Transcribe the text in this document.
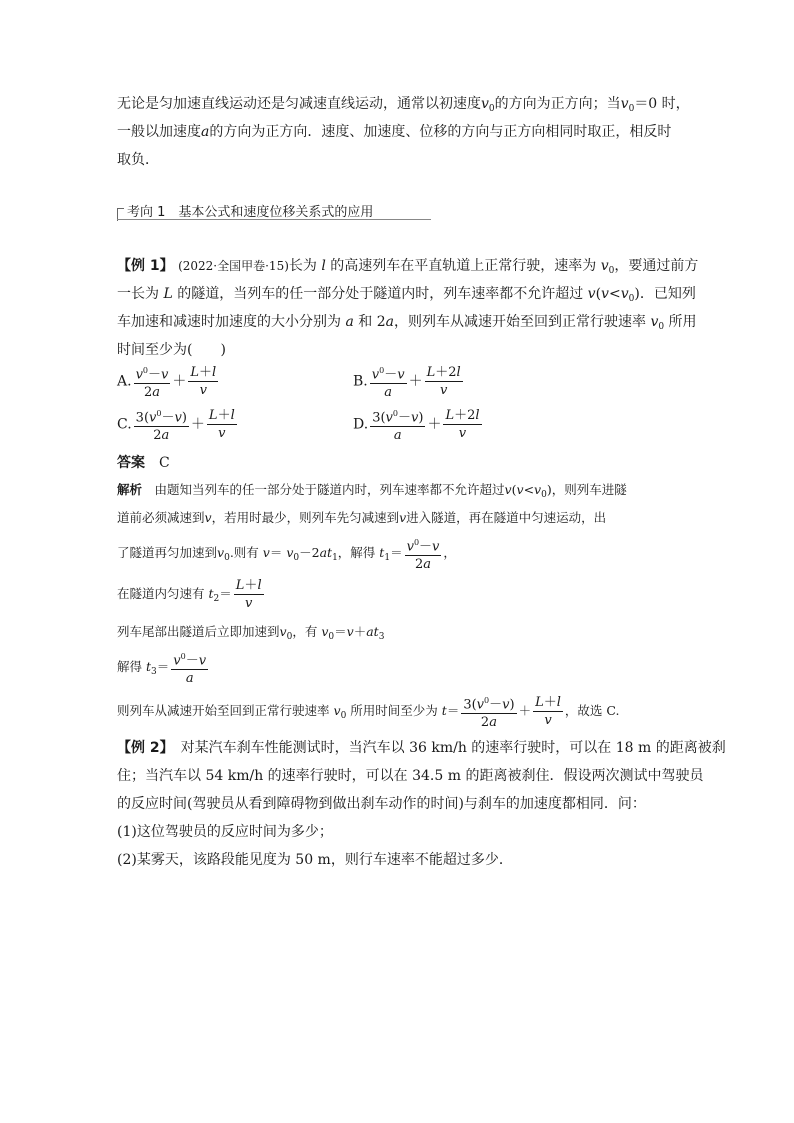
无论是匀加速直线运动还是匀减速直线运动，通常以初速度$v_0$的方向为正方向；当$v_0=0$ 时，
一般以加速度a的方向为正方向．速度、加速度、位移的方向与正方向相同时取正，相反时
取负．
考向 1　基本公式和速度位移关系式的应用
【例 1】 (2022·全国甲卷·15)长为 l 的高速列车在平直轨道上正常行驶，速率为 $v_0$，要通过前方
一长为 L 的隧道，当列车的任一部分处于隧道内时，列车速率都不允许超过 $v(v<v_0)$．已知列
车加速和减速时加速度的大小分别为 a 和 2a，则列车从减速开始至回到正常行驶速率 $v_0$ 所用
时间至少为(　　)
A. $\frac{v^0-v}{2a} + \frac{L+l}{v}$	B. $\frac{v^0-v}{a} + \frac{L+2l}{v}$
C. $\frac{3(v^0-v)}{2a} + \frac{L+l}{v}$	D. $\frac{3(v^0-v)}{a} + \frac{L+2l}{v}$
答案　 C
解析　 由题知当列车的任一部分处于隧道内时，列车速率都不允许超过$v(v<v_0)$，则列车进隧
道前必须减速到v，若用时最少，则列车先匀减速到v进入隧道，再在隧道中匀速运动，出
了隧道再匀加速到$v_0$.则有 $v= v_0-2at_1$，解得 $t_1= \frac{v^0-v}{2a}$ ，
在隧道内匀速有 $t_2= \frac{L+l}{v}$
列车尾部出隧道后立即加速到$v_0$，有 $v_0=v+at_3$
解得 $t_3= \frac{v^0-v}{a}$
则列车从减速开始至回到正常行驶速率 $v_0$ 所用时间至少为 $t= \frac{3(v^0-v)}{2a} + \frac{L+l}{v}$ ，故选 C.
【例 2】　 对某汽车刹车性能测试时，当汽车以 36 km/h 的速率行驶时，可以在 18 m 的距离被刹
住；当汽车以 54 km/h 的速率行驶时，可以在 34.5 m 的距离被刹住．假设两次测试中驾驶员
的反应时间(驾驶员从看到障碍物到做出刹车动作的时间)与刹车的加速度都相同．问：
(1)这位驾驶员的反应时间为多少；
(2)某雾天，该路段能见度为 50 m，则行车速率不能超过多少．
